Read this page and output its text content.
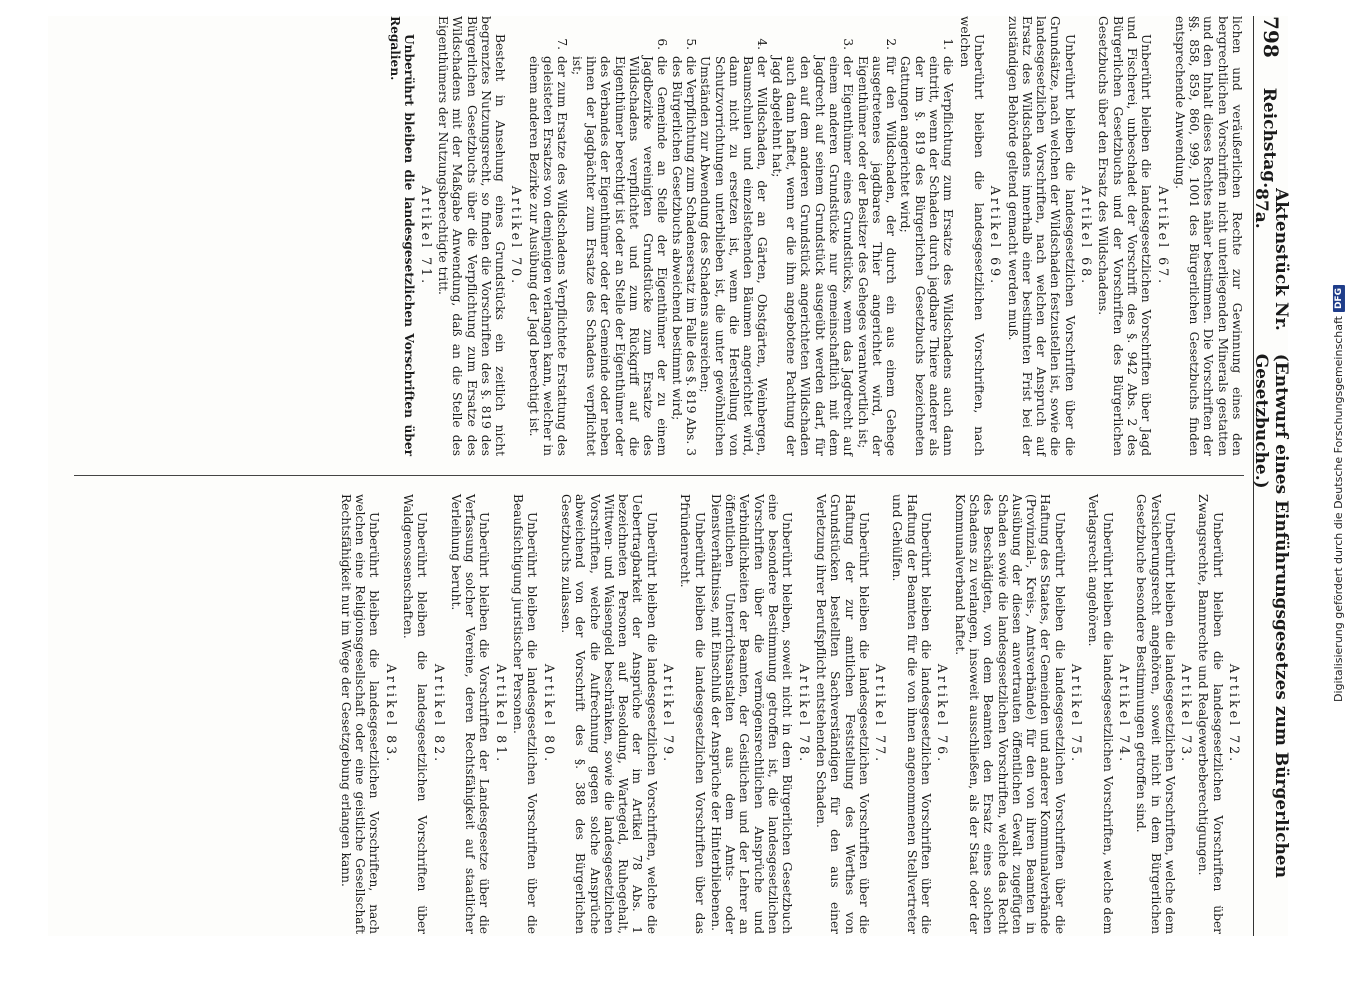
798
Reichstag.
Aktenstück Nr. 87a.
(Entwurf eines Einführungsgesetzes zum Bürgerlichen Gesetzbuche.)

lichen und veräußerlichen Rechte zur Gewinnung eines den bergrechtlichen Vorschriften nicht unterliegenden Minerals gestatten und den Inhalt dieses Rechtes näher bestimmen. Die Vorschriften der §§. 858, 859, 860, 999, 1001 des Bürgerlichen Gesetzbuchs finden entsprechende Anwendung.

Artikel 67.

Unberührt bleiben die landesgesetzlichen Vorschriften über Jagd und Fischerei, unbeschadet der Vorschrift des §. 942 Abs. 2 des Bürgerlichen Gesetzbuchs und der Vorschriften des Bürgerlichen Gesetzbuchs über den Ersatz des Wildschadens.

Artikel 68.

Unberührt bleiben die landesgesetzlichen Vorschriften über die Grundsätze, nach welchen der Wildschaden festzustellen ist, sowie die landesgesetzlichen Vorschriften, nach welchen der Anspruch auf Ersatz des Wildschadens innerhalb einer bestimmten Frist bei der zuständigen Behörde geltend gemacht werden muß.

Artikel 69.

Unberührt bleiben die landesgesetzlichen Vorschriften, nach welchen

1.
die Verpflichtung zum Ersatze des Wildschadens auch dann eintritt, wenn der Schaden durch jagdbare Thiere anderer als der im §. 819 des Bürgerlichen Gesetzbuchs bezeichneten Gattungen angerichtet wird;
2.
für den Wildschaden, der durch ein aus einem Gehege ausgetretenes jagdbares Thier angerichtet wird, der Eigenthümer oder der Besitzer des Geheges verantwortlich ist;
3.
der Eigenthümer eines Grundstücks, wenn das Jagdrecht auf einem anderen Grundstücke nur gemeinschaftlich mit dem Jagdrecht auf seinem Grundstück ausgeübt werden darf, für den auf dem anderen Grundstück angerichteten Wildschaden auch dann haftet, wenn er die ihm angebotene Pachtung der Jagd abgelehnt hat;
4.
der Wildschaden, der an Gärten, Obstgärten, Weinbergen, Baumschulen und einzelstehenden Bäumen angerichtet wird, dann nicht zu ersetzen ist, wenn die Herstellung von Schutzvorrichtungen unterblieben ist, die unter gewöhnlichen Umständen zur Abwendung des Schadens ausreichen;
5.
die Verpflichtung zum Schadensersatz im Falle des §. 819 Abs. 3 des Bürgerlichen Gesetzbuchs abweichend bestimmt wird;
6.
die Gemeinde an Stelle der Eigenthümer der zu einem Jagdbezirke vereinigten Grundstücke zum Ersatze des Wildschadens verpflichtet und zum Rückgriff auf die Eigenthümer berechtigt ist oder an Stelle der Eigenthümer oder des Verbandes der Eigenthümer oder der Gemeinde oder neben ihnen der Jagdpächter zum Ersatze des Schadens verpflichtet ist;
7.
der zum Ersatze des Wildschadens Verpflichtete Erstattung des geleisteten Ersatzes von demjenigen verlangen kann, welcher in einem anderen Bezirke zur Ausübung der Jagd berechtigt ist.
Artikel 70.

Besteht in Ansehung eines Grundstücks ein zeitlich nicht begrenztes Nutzungsrecht, so finden die Vorschriften des §. 819 des Bürgerlichen Gesetzbuchs über die Verpflichtung zum Ersatze des Wildschadens mit der Maßgabe Anwendung, daß an die Stelle des Eigenthümers der Nutzungsberechtigte tritt.

Artikel 71.

Unberührt bleiben die landesgesetzlichen Vorschriften über Regalien.

Artikel 72.

Unberührt bleiben die landesgesetzlichen Vorschriften über Zwangsrechte, Bannrechte und Realgewerbeberechtigungen.

Artikel 73.

Unberührt bleiben die landesgesetzlichen Vorschriften, welche dem Versicherungsrecht angehören, soweit nicht in dem Bürgerlichen Gesetzbuche besondere Bestimmungen getroffen sind.

Artikel 74.

Unberührt bleiben die landesgesetzlichen Vorschriften, welche dem Verlagsrecht angehören.

Artikel 75.

Unberührt bleiben die landesgesetzlichen Vorschriften über die Haftung des Staates, der Gemeinden und anderer Kommunalverbände (Provinzial-, Kreis-, Amtsverbände) für den von ihren Beamten in Ausübung der diesen anvertrauten öffentlichen Gewalt zugefügten Schaden sowie die landesgesetzlichen Vorschriften, welche das Recht des Beschädigten, von dem Beamten den Ersatz eines solchen Schadens zu verlangen, insoweit ausschließen, als der Staat oder der Kommunalverband haftet.

Artikel 76.

Unberührt bleiben die landesgesetzlichen Vorschriften über die Haftung der Beamten für die von ihnen angenommenen Stellvertreter und Gehülfen.

Artikel 77.

Unberührt bleiben die landesgesetzlichen Vorschriften über die Haftung der zur amtlichen Feststellung des Werthes von Grundstücken bestellten Sachverständigen für den aus einer Verletzung ihrer Berufspflicht entstehenden Schaden.

Artikel 78.

Unberührt bleiben, soweit nicht in dem Bürgerlichen Gesetzbuch eine besondere Bestimmung getroffen ist, die landesgesetzlichen Vorschriften über die vermögensrechtlichen Ansprüche und Verbindlichkeiten der Beamten, der Geistlichen und der Lehrer an öffentlichen Unterrichtsanstalten aus dem Amts- oder Dienstverhältnisse, mit Einschluß der Ansprüche der Hinterbliebenen.

Unberührt bleiben die landesgesetzlichen Vorschriften über das Pfründenrecht.

Artikel 79.

Unberührt bleiben die landesgesetzlichen Vorschriften, welche die Uebertragbarkeit der Ansprüche der im Artikel 78 Abs. 1 bezeichneten Personen auf Besoldung, Wartegeld, Ruhegehalt, Wittwen- und Waisengeld beschränken, sowie die landesgesetzlichen Vorschriften, welche die Aufrechnung gegen solche Ansprüche abweichend von der Vorschrift des §. 388 des Bürgerlichen Gesetzbuchs zulassen.

Artikel 80.

Unberührt bleiben die landesgesetzlichen Vorschriften über die Beaufsichtigung juristischer Personen.

Artikel 81.

Unberührt bleiben die Vorschriften der Landesgesetze über die Verfassung solcher Vereine, deren Rechtsfähigkeit auf staatlicher Verleihung beruht.

Artikel 82.

Unberührt bleiben die landesgesetzlichen Vorschriften über Waldgenossenschaften.

Artikel 83.

Unberührt bleiben die landesgesetzlichen Vorschriften, nach welchen eine Religionsgesellschaft oder eine geistliche Gesellschaft Rechtsfähigkeit nur im Wege der Gesetzgebung erlangen kann.	Digitalisierung gefördert durch die Deutsche Forschungsgemeinschaft
DFG
